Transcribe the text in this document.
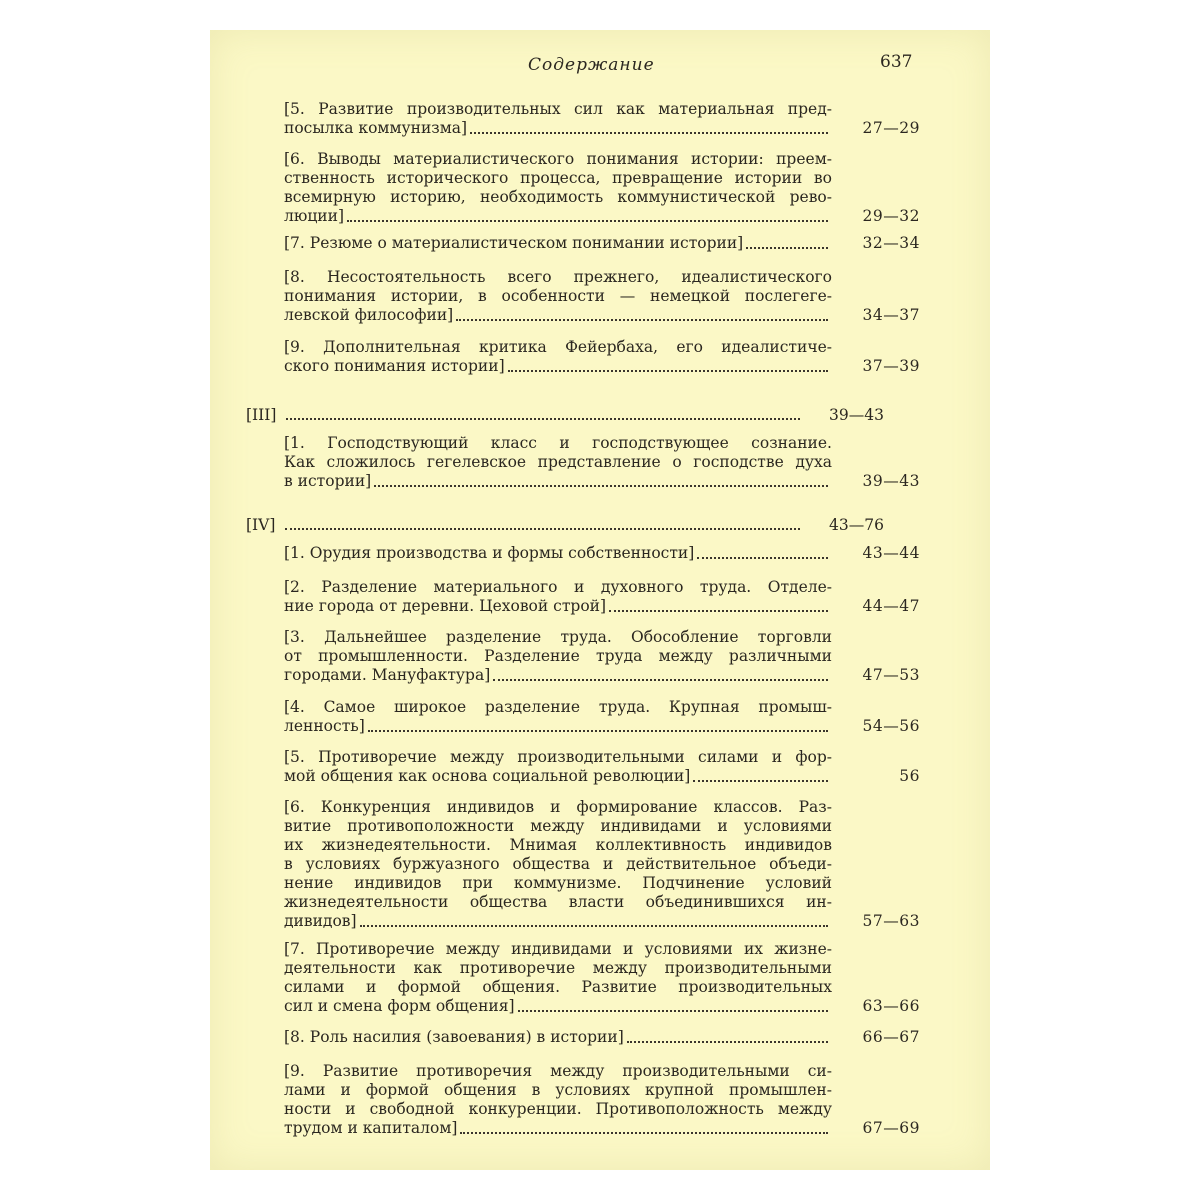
Содержание	637
[5. Развитие производительных сил как материальная пред-
посылка коммунизма]	27—29
[6. Выводы материалистического понимания истории: преем-
ственность исторического процесса, превращение истории во
всемирную историю, необходимость коммунистической рево-
люции]	29—32
[7. Резюме о материалистическом понимании истории]	32—34
[8. Несостоятельность всего прежнего, идеалистического
понимания истории, в особенности — немецкой послегеге-
левской философии]	34—37
[9. Дополнительная критика Фейербаха, его идеалистиче-
ского понимания истории]	37—39
[III]	39—43
[1. Господствующий класс и господствующее сознание.
Как сложилось гегелевское представление о господстве духа
в истории]	39—43
[IV]	43—76
[1. Орудия производства и формы собственности]	43—44
[2. Разделение материального и духовного труда. Отделе-
ние города от деревни. Цеховой строй]	44—47
[3. Дальнейшее разделение труда. Обособление торговли
от промышленности. Разделение труда между различными
городами. Мануфактура]	47—53
[4. Самое широкое разделение труда. Крупная промыш-
ленность]	54—56
[5. Противоречие между производительными силами и фор-
мой общения как основа социальной революции]	56
[6. Конкуренция индивидов и формирование классов. Раз-
витие противоположности между индивидами и условиями
их жизнедеятельности. Мнимая коллективность индивидов
в условиях буржуазного общества и действительное объеди-
нение индивидов при коммунизме. Подчинение условий
жизнедеятельности общества власти объединившихся ин-
дивидов]	57—63
[7. Противоречие между индивидами и условиями их жизне-
деятельности как противоречие между производительными
силами и формой общения. Развитие производительных
сил и смена форм общения]	63—66
[8. Роль насилия (завоевания) в истории]	66—67
[9. Развитие противоречия между производительными си-
лами и формой общения в условиях крупной промышлен-
ности и свободной конкуренции. Противоположность между
трудом и капиталом]	67—69
